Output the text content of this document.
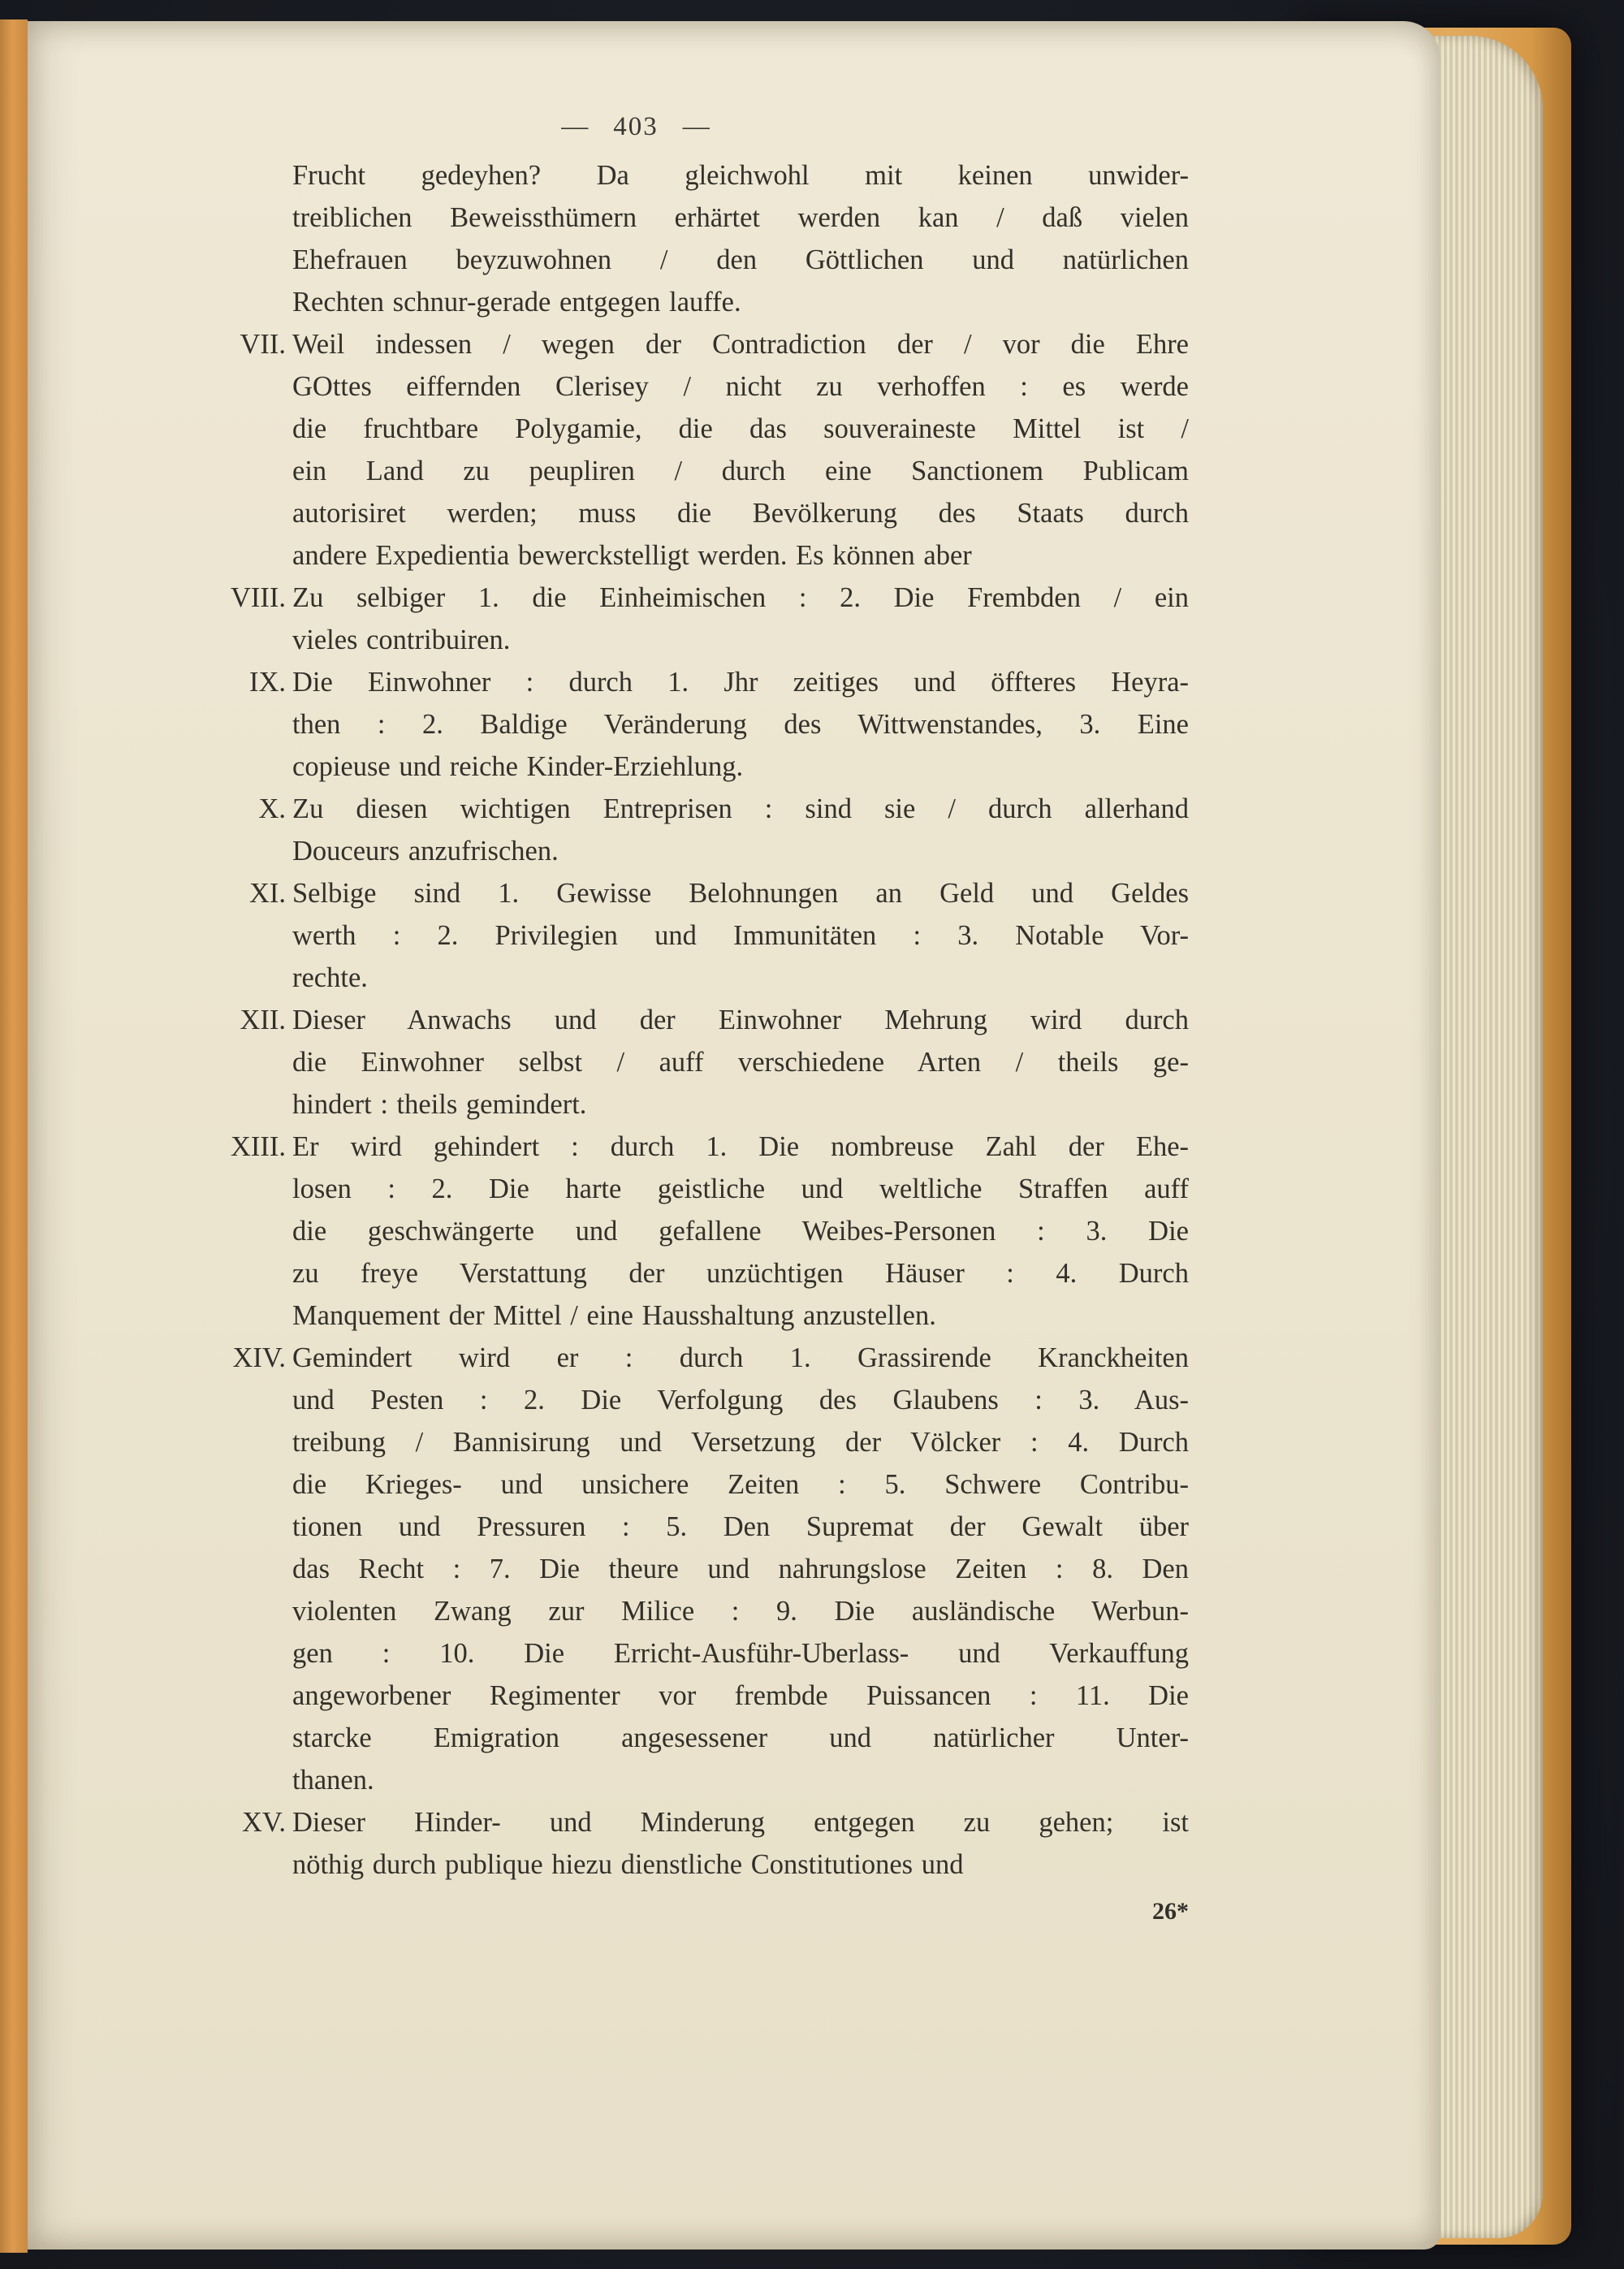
— 403 —
Frucht gedeyhen? Da gleichwohl mit keinen unwider-
treiblichen Beweissthümern erhärtet werden kan / daß vielen
Ehefrauen beyzuwohnen / den Göttlichen und natürlichen
Rechten schnur-gerade entgegen lauffe.
VII. Weil indessen / wegen der Contradiction der / vor die Ehre
GOttes eiffernden Clerisey / nicht zu verhoffen : es werde
die fruchtbare Polygamie, die das souveraineste Mittel ist /
ein Land zu peupliren / durch eine Sanctionem Publicam
autorisiret werden; muss die Bevölkerung des Staats durch
andere Expedientia bewerckstelligt werden. Es können aber
VIII. Zu selbiger 1. die Einheimischen : 2. Die Frembden / ein
vieles contribuiren.
IX. Die Einwohner : durch 1. Jhr zeitiges und öffteres Heyra-
then : 2. Baldige Veränderung des Wittwenstandes, 3. Eine
copieuse und reiche Kinder-Erziehlung.
X. Zu diesen wichtigen Entreprisen : sind sie / durch allerhand
Douceurs anzufrischen.
XI. Selbige sind 1. Gewisse Belohnungen an Geld und Geldes
werth : 2. Privilegien und Immunitäten : 3. Notable Vor-
rechte.
XII. Dieser Anwachs und der Einwohner Mehrung wird durch
die Einwohner selbst / auff verschiedene Arten / theils ge-
hindert : theils gemindert.
XIII. Er wird gehindert : durch 1. Die nombreuse Zahl der Ehe-
losen : 2. Die harte geistliche und weltliche Straffen auff
die geschwängerte und gefallene Weibes-Personen : 3. Die
zu freye Verstattung der unzüchtigen Häuser : 4. Durch
Manquement der Mittel / eine Hausshaltung anzustellen.
XIV. Gemindert wird er : durch 1. Grassirende Kranckheiten
und Pesten : 2. Die Verfolgung des Glaubens : 3. Aus-
treibung / Bannisirung und Versetzung der Völcker : 4. Durch
die Krieges- und unsichere Zeiten : 5. Schwere Contribu-
tionen und Pressuren : 5. Den Supremat der Gewalt über
das Recht : 7. Die theure und nahrungslose Zeiten : 8. Den
violenten Zwang zur Milice : 9. Die ausländische Werbun-
gen : 10. Die Erricht-Ausführ-Uberlass- und Verkauffung
angeworbener Regimenter vor frembde Puissancen : 11. Die
starcke Emigration angesessener und natürlicher Unter-
thanen.
XV. Dieser Hinder- und Minderung entgegen zu gehen; ist
nöthig durch publique hiezu dienstliche Constitutiones und
26*
